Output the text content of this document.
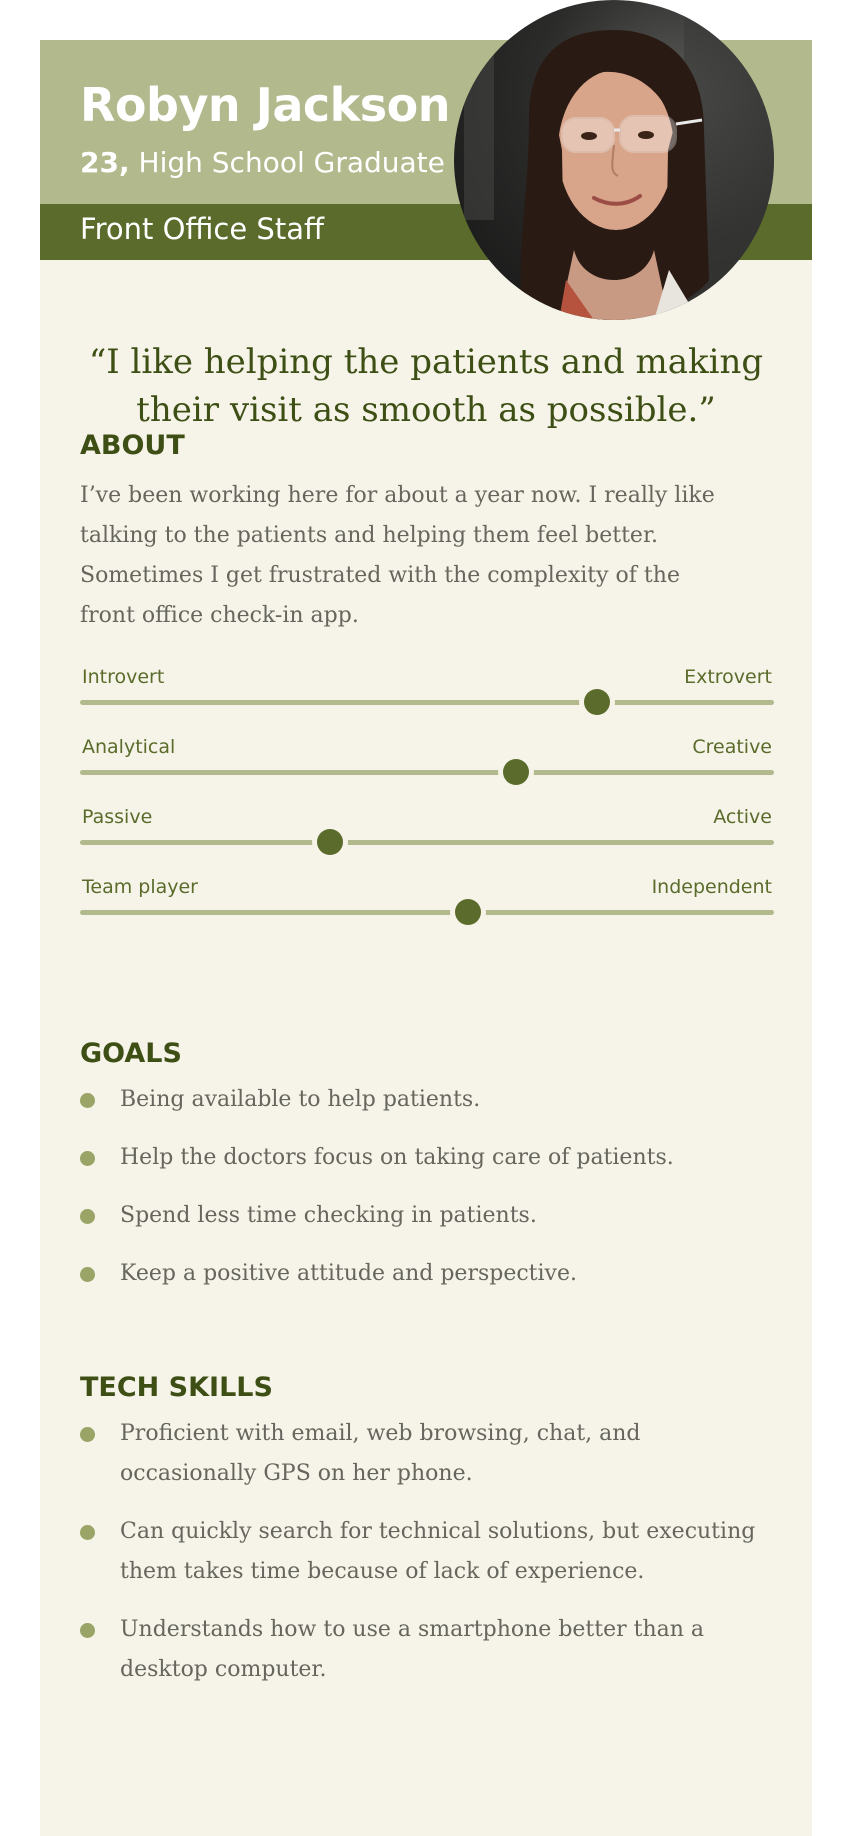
Robyn Jackson
23, High School Graduate
Front Office Staff
“I like helping the patients and making their visit as smooth as possible.”
ABOUT
I’ve been working here for about a year now. I really like talking to the patients and helping them feel better. Sometimes I get frustrated with the complexity of the front office check-in app.
Introvert	Extrovert
Analytical	Creative
Passive	Active
Team player	Independent
GOALS
Being available to help patients.
Help the doctors focus on taking care of patients.
Spend less time checking in patients.
Keep a positive attitude and perspective.
TECH SKILLS
Proficient with email, web browsing, chat, and occasionally GPS on her phone.
Can quickly search for technical solutions, but executing them takes time because of lack of experience.
Understands how to use a smartphone better than a desktop computer.
